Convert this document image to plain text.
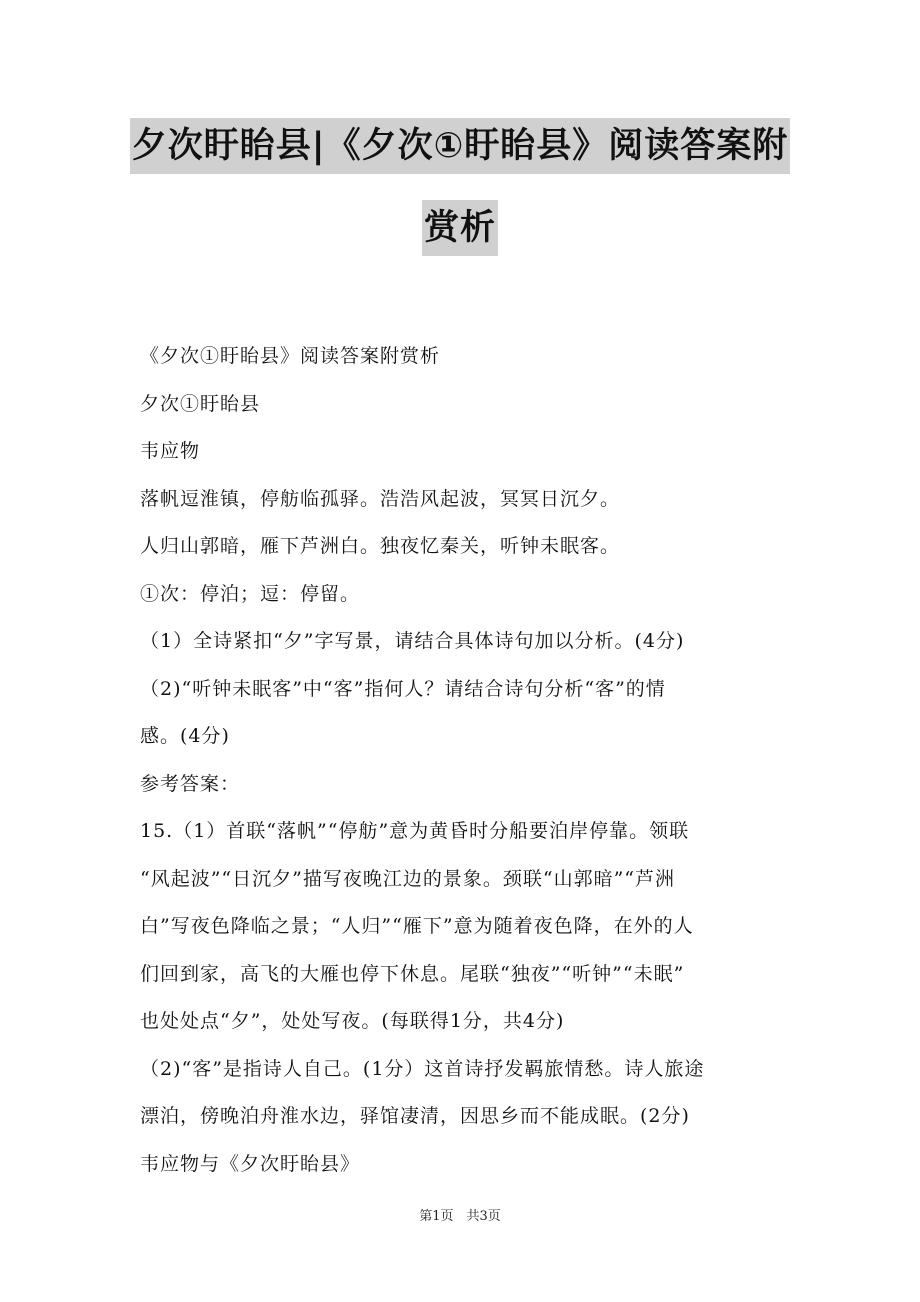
夕次盱眙县|《夕次①盱眙县》阅读答案附
赏析

《夕次①盱眙县》阅读答案附赏析

夕次①盱眙县

韦应物

落帆逗淮镇，停舫临孤驿。浩浩风起波，冥冥日沉夕。

人归山郭暗，雁下芦洲白。独夜忆秦关，听钟未眠客。

①次：停泊；逗：停留。

（1）全诗紧扣“夕”字写景，请结合具体诗句加以分析。(4分)

（2)“听钟未眠客”中“客”指何人？请结合诗句分析“客”的情

感。(4分)

参考答案：

15.（1）首联“落帆”“停舫”意为黄昏时分船要泊岸停靠。领联

“风起波”“日沉夕”描写夜晚江边的景象。颈联“山郭暗”“芦洲

白”写夜色降临之景；“人归”“雁下”意为随着夜色降，在外的人

们回到家，高飞的大雁也停下休息。尾联“独夜”“听钟”“未眠”

也处处点“夕”，处处写夜。(每联得1分，共4分)

（2)“客”是指诗人自己。(1分）这首诗抒发羁旅情愁。诗人旅途

漂泊，傍晚泊舟淮水边，驿馆凄清，因思乡而不能成眠。(2分)

韦应物与《夕次盱眙县》

第1页　共3页
